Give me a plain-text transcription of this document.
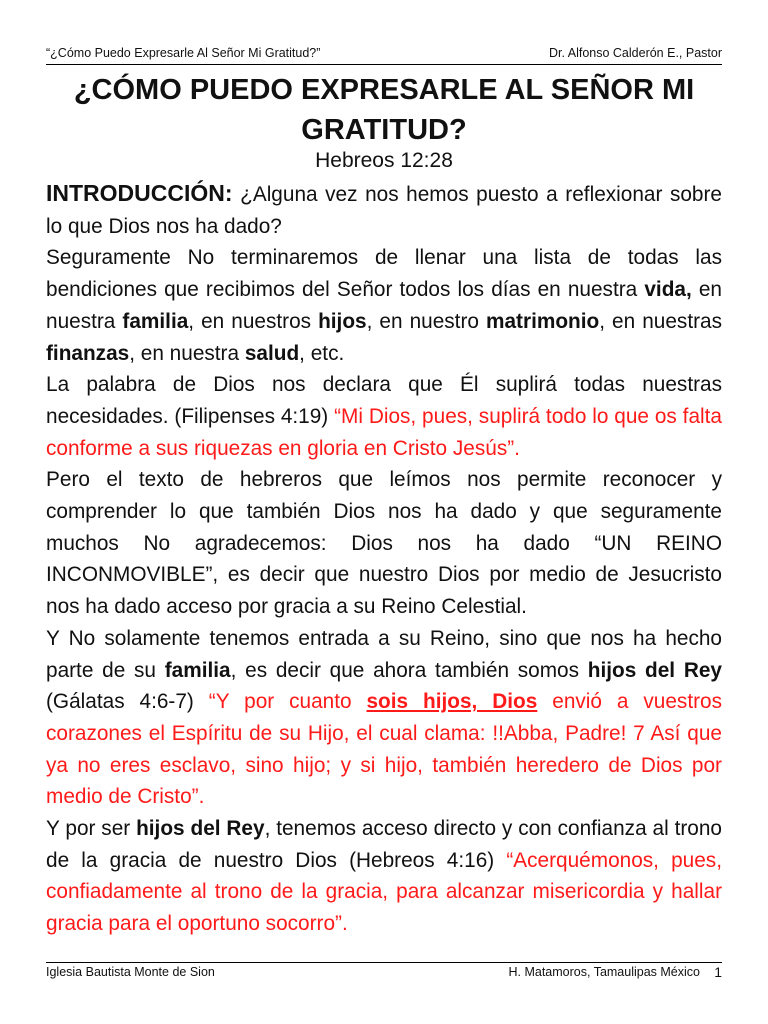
“¿Cómo Puedo Expresarle Al Señor Mi Gratitud?”	Dr. Alfonso Calderón E., Pastor
¿CÓMO PUEDO EXPRESARLE AL SEÑOR MI
GRATITUD?
Hebreos 12:28

INTRODUCCIÓN: ¿Alguna vez nos hemos puesto a reflexionar sobre lo que Dios nos ha dado?

Seguramente No terminaremos de llenar una lista de todas las bendiciones que recibimos del Señor todos los días en nuestra vida, en nuestra familia, en nuestros hijos, en nuestro matrimonio, en nuestras finanzas, en nuestra salud, etc.

La palabra de Dios nos declara que Él suplirá todas nuestras necesidades. (Filipenses 4:19) “Mi Dios, pues, suplirá todo lo que os falta conforme a sus riquezas en gloria en Cristo Jesús”.

Pero el texto de hebreros que leímos nos permite reconocer y comprender lo que también Dios nos ha dado y que seguramente muchos No agradecemos: Dios nos ha dado “UN REINO INCONMOVIBLE”, es decir que nuestro Dios por medio de Jesucristo nos ha dado acceso por gracia a su Reino Celestial.

Y No solamente tenemos entrada a su Reino, sino que nos ha hecho parte de su familia, es decir que ahora también somos hijos del Rey (Gálatas 4:6-7) “Y por cuanto sois hijos, Dios envió a vuestros corazones el Espíritu de su Hijo, el cual clama: !!Abba, Padre! 7 Así que ya no eres esclavo, sino hijo; y si hijo, también heredero de Dios por medio de Cristo”.

Y por ser hijos del Rey, tenemos acceso directo y con confianza al trono de la gracia de nuestro Dios (Hebreos 4:16) “Acerquémonos, pues, confiadamente al trono de la gracia, para alcanzar misericordia y hallar gracia para el oportuno socorro”.

Iglesia Bautista Monte de Sion	H. Matamoros, Tamaulipas México 1
